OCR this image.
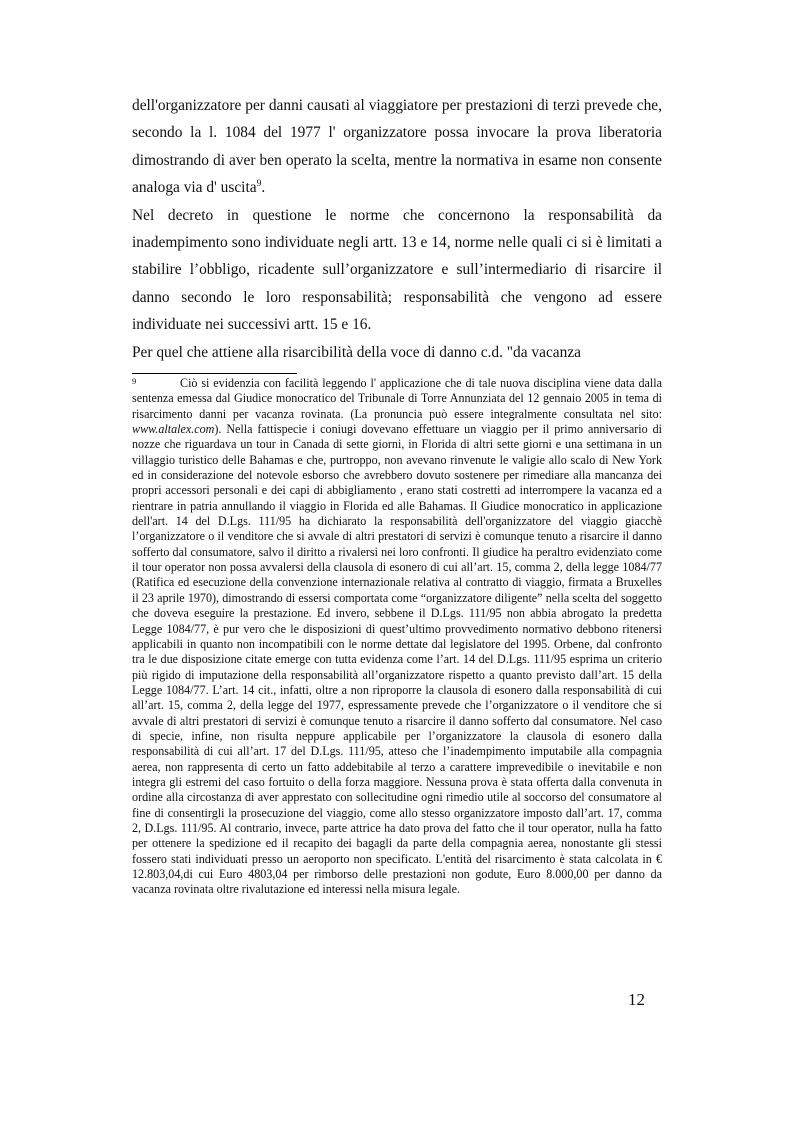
dell'organizzatore per danni causati al viaggiatore per prestazioni di terzi prevede che, secondo la l. 1084 del 1977 l' organizzatore possa invocare la prova liberatoria dimostrando di aver ben operato la scelta, mentre la normativa in esame non consente analoga via d' uscita$^9$.

Nel decreto in questione le norme che concernono la responsabilità da inadempimento sono individuate negli artt. 13 e 14, norme nelle quali ci si è limitati a stabilire l’obbligo, ricadente sull’organizzatore e sull’intermediario di risarcire il danno secondo le loro responsabilità; responsabilità che vengono ad essere individuate nei successivi artt. 15 e 16.

Per quel che attiene alla risarcibilità della voce di danno c.d. "da vacanza

9	Ciò si evidenzia con facilità leggendo l' applicazione che di tale nuova disciplina viene data dalla sentenza emessa dal Giudice monocratico del Tribunale di Torre Annunziata del 12 gennaio 2005 in tema di risarcimento danni per vacanza rovinata. (La pronuncia può essere integralmente consultata nel sito: www.altalex.com). Nella fattispecie i coniugi dovevano effettuare un viaggio per il primo anniversario di nozze che riguardava un tour in Canada di sette giorni, in Florida di altri sette giorni e una settimana in un villaggio turistico delle Bahamas e che, purtroppo, non avevano rinvenute le valigie allo scalo di New York ed in considerazione del notevole esborso che avrebbero dovuto sostenere per rimediare alla mancanza dei propri accessori personali e dei capi di abbigliamento , erano stati costretti ad interrompere la vacanza ed a rientrare in patria annullando il viaggio in Florida ed alle Bahamas. Il Giudice monocratico in applicazione dell'art. 14 del D.Lgs. 111/95 ha dichiarato la responsabilità dell'organizzatore del viaggio giacchè l’organizzatore o il venditore che si avvale di altri prestatori di servizi è comunque tenuto a risarcire il danno sofferto dal consumatore, salvo il diritto a rivalersi nei loro confronti. Il giudice ha peraltro evidenziato come il tour operator non possa avvalersi della clausola di esonero di cui all’art. 15, comma 2, della legge 1084/77 (Ratifica ed esecuzione della convenzione internazionale relativa al contratto di viaggio, firmata a Bruxelles il 23 aprile 1970), dimostrando di essersi comportata come “organizzatore diligente” nella scelta del soggetto che doveva eseguire la prestazione. Ed invero, sebbene il D.Lgs. 111/95 non abbia abrogato la predetta Legge 1084/77, è pur vero che le disposizioni di quest’ultimo provvedimento normativo debbono ritenersi applicabili in quanto non incompatibili con le norme dettate dal legislatore del 1995. Orbene, dal confronto tra le due disposizione citate emerge con tutta evidenza come l’art. 14 del D.Lgs. 111/95 esprima un criterio più rigido di imputazione della responsabilità all’organizzatore rispetto a quanto previsto dall’art. 15 della Legge 1084/77. L’art. 14 cit., infatti, oltre a non riproporre la clausola di esonero dalla responsabilità di cui all’art. 15, comma 2, della legge del 1977, espressamente prevede che l’organizzatore o il venditore che si avvale di altri prestatori di servizi è comunque tenuto a risarcire il danno sofferto dal consumatore. Nel caso di specie, infine, non risulta neppure applicabile per l’organizzatore la clausola di esonero dalla responsabilità di cui all’art. 17 del D.Lgs. 111/95, atteso che l’inadempimento imputabile alla compagnia aerea, non rappresenta di certo un fatto addebitabile al terzo a carattere imprevedibile o inevitabile e non integra gli estremi del caso fortuito o della forza maggiore. Nessuna prova è stata offerta dalla convenuta in ordine alla circostanza di aver apprestato con sollecitudine ogni rimedio utile al soccorso del consumatore al fine di consentirgli la prosecuzione del viaggio, come allo stesso organizzatore imposto dall’art. 17, comma 2, D.Lgs. 111/95. Al contrario, invece, parte attrice ha dato prova del fatto che il tour operator, nulla ha fatto per ottenere la spedizione ed il recapito dei bagagli da parte della compagnia aerea, nonostante gli stessi fossero stati individuati presso un aeroporto non specificato. L'entità del risarcimento è stata calcolata in € 12.803,04,di cui Euro 4803,04 per rimborso delle prestazioni non godute, Euro 8.000,00 per danno da vacanza rovinata oltre rivalutazione ed interessi nella misura legale.
12
